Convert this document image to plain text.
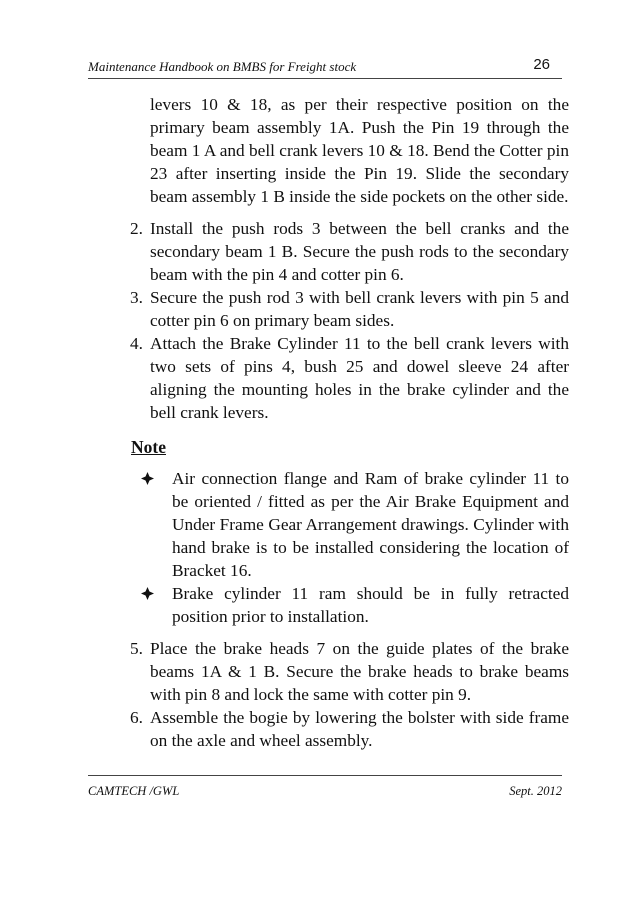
Maintenance Handbook on BMBS for Freight stock	26

levers 10 & 18, as per their respective position on the primary beam assembly 1A. Push the Pin 19 through the beam 1 A and bell crank levers 10 & 18. Bend the Cotter pin 23 after inserting inside the Pin 19. Slide the secondary beam assembly 1 B inside the side pockets on the other side.

2. Install the push rods 3 between the bell cranks and the secondary beam 1 B. Secure the push rods to the secondary beam with the pin 4 and cotter pin 6.

3. Secure the push rod 3 with bell crank levers with pin 5 and cotter pin 6 on primary beam sides.

4. Attach the Brake Cylinder 11 to the bell crank levers with two sets of pins 4, bush 25 and dowel sleeve 24 after aligning the mounting holes in the brake cylinder and the bell crank levers.

Note

Air connection flange and Ram of brake cylinder 11 to be oriented / fitted as per the Air Brake Equipment and Under Frame Gear Arrangement drawings. Cylinder with hand brake is to be installed considering the location of Bracket 16.

Brake cylinder 11 ram should be in fully retracted position prior to installation.

5. Place the brake heads 7 on the guide plates of the brake beams 1A & 1 B. Secure the brake heads to brake beams with pin 8 and lock the same with cotter pin 9.

6. Assemble the bogie by lowering the bolster with side frame on the axle and wheel assembly.

CAMTECH /GWL	Sept. 2012
